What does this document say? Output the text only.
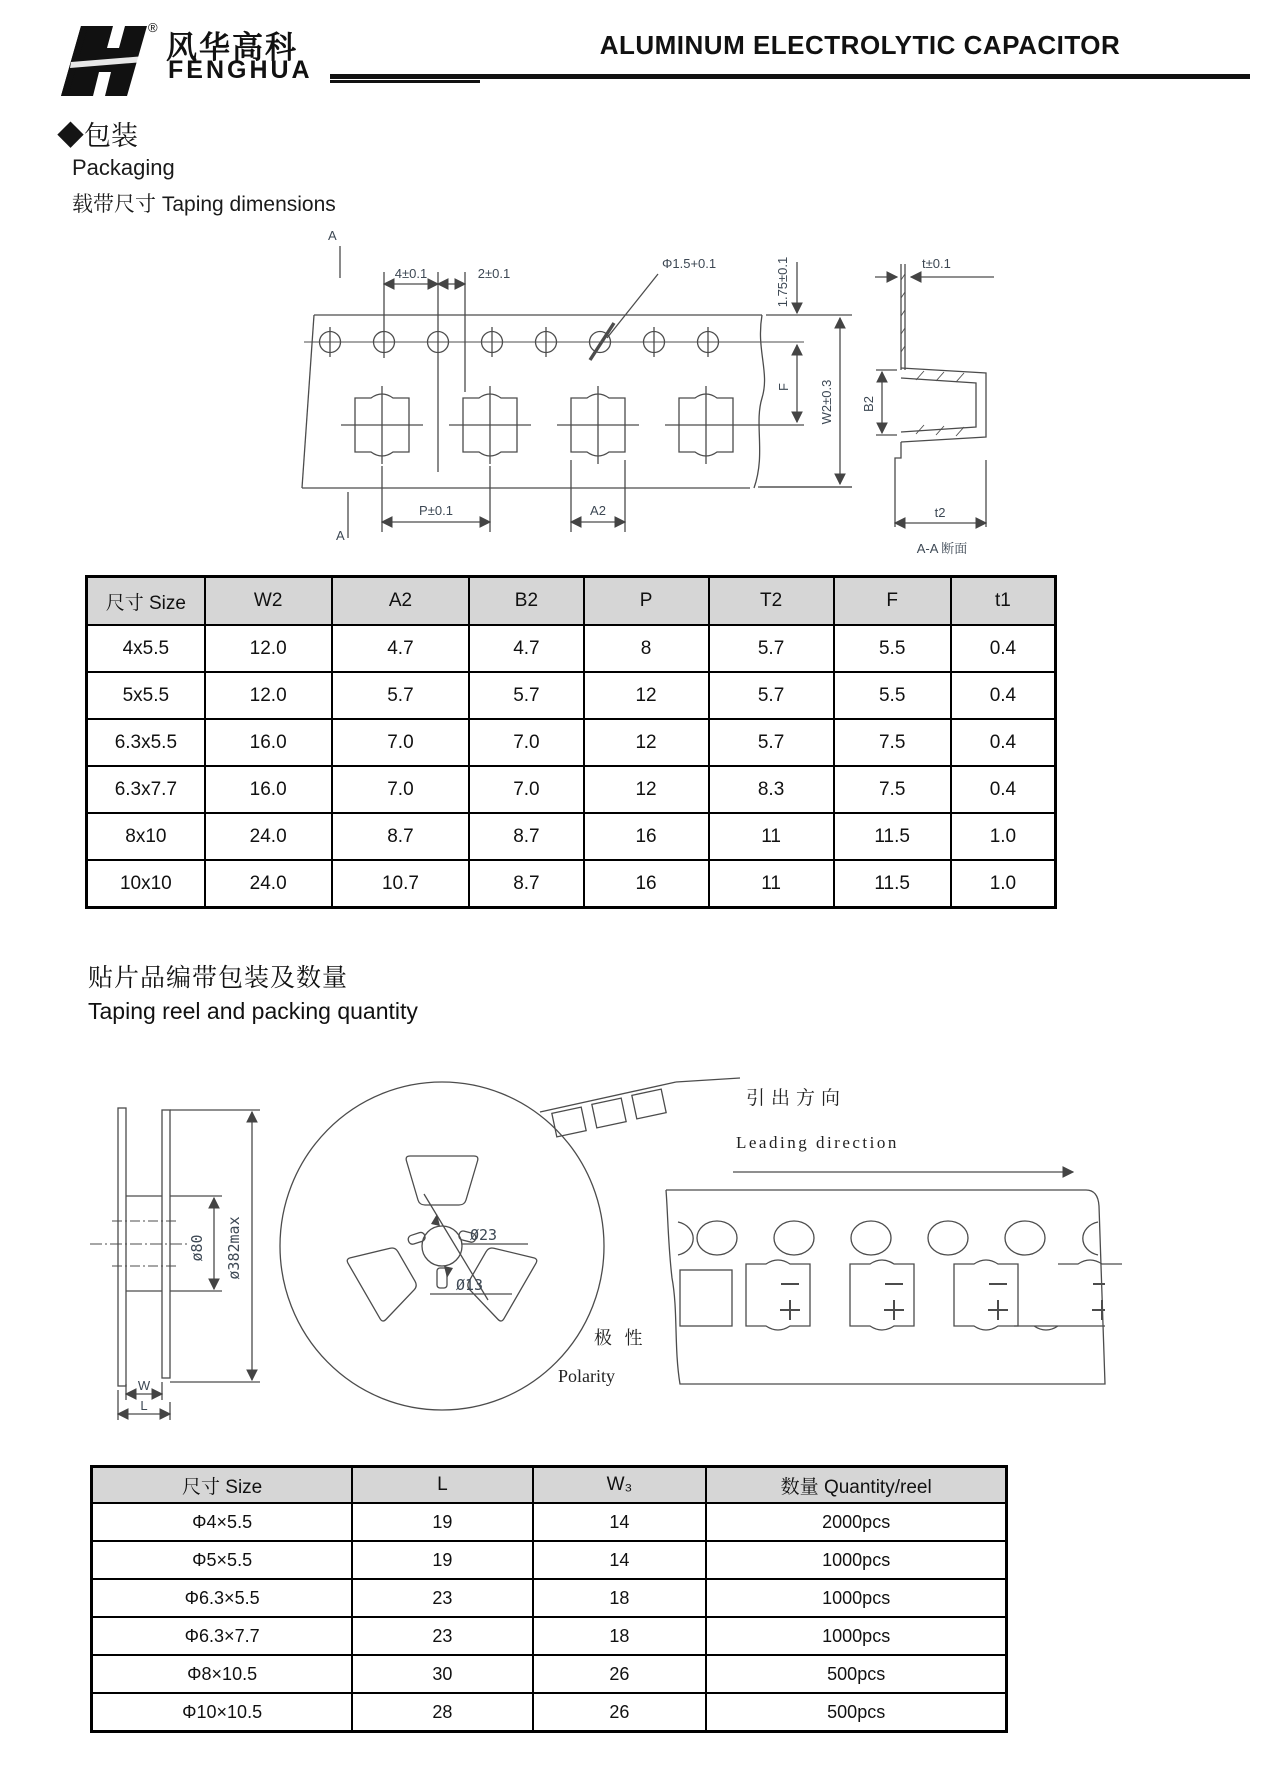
®
风华高科
FENGHUA
ALUMINUM ELECTROLYTIC CAPACITOR
◆包装
Packaging
载带尺寸 Taping dimensions
A
4±0.1	2±0.1
Φ1.5+0.1	1.75±0.1
F W2±0.3
P±0.1	A2
A
t±0.1
B2
t2
A-A 断面
尺寸 Size	W2	A2	B2	P	T2	F	t1
4x5.5	12.0	4.7	4.7	8	5.7	5.5	0.4
5x5.5	12.0	5.7	5.7	12	5.7	5.5	0.4
6.3x5.5	16.0	7.0	7.0	12	5.7	7.5	0.4
6.3x7.7	16.0	7.0	7.0	12	8.3	7.5	0.4
8x10	24.0	8.7	8.7	16	11	11.5	1.0
10x10	24.0	10.7	8.7	16	11	11.5	1.0
贴片品编带包装及数量
Taping reel and packing quantity
ø80 ø382max
W
L
Ø23
Ø13
引出方向
Leading direction
极 性
Polarity
尺寸 Size	L	W₃	数量 Quantity/reel
Φ4×5.5	19	14	2000pcs
Φ5×5.5	19	14	1000pcs
Φ6.3×5.5	23	18	1000pcs
Φ6.3×7.7	23	18	1000pcs
Φ8×10.5	30	26	500pcs
Φ10×10.5	28	26	500pcs
